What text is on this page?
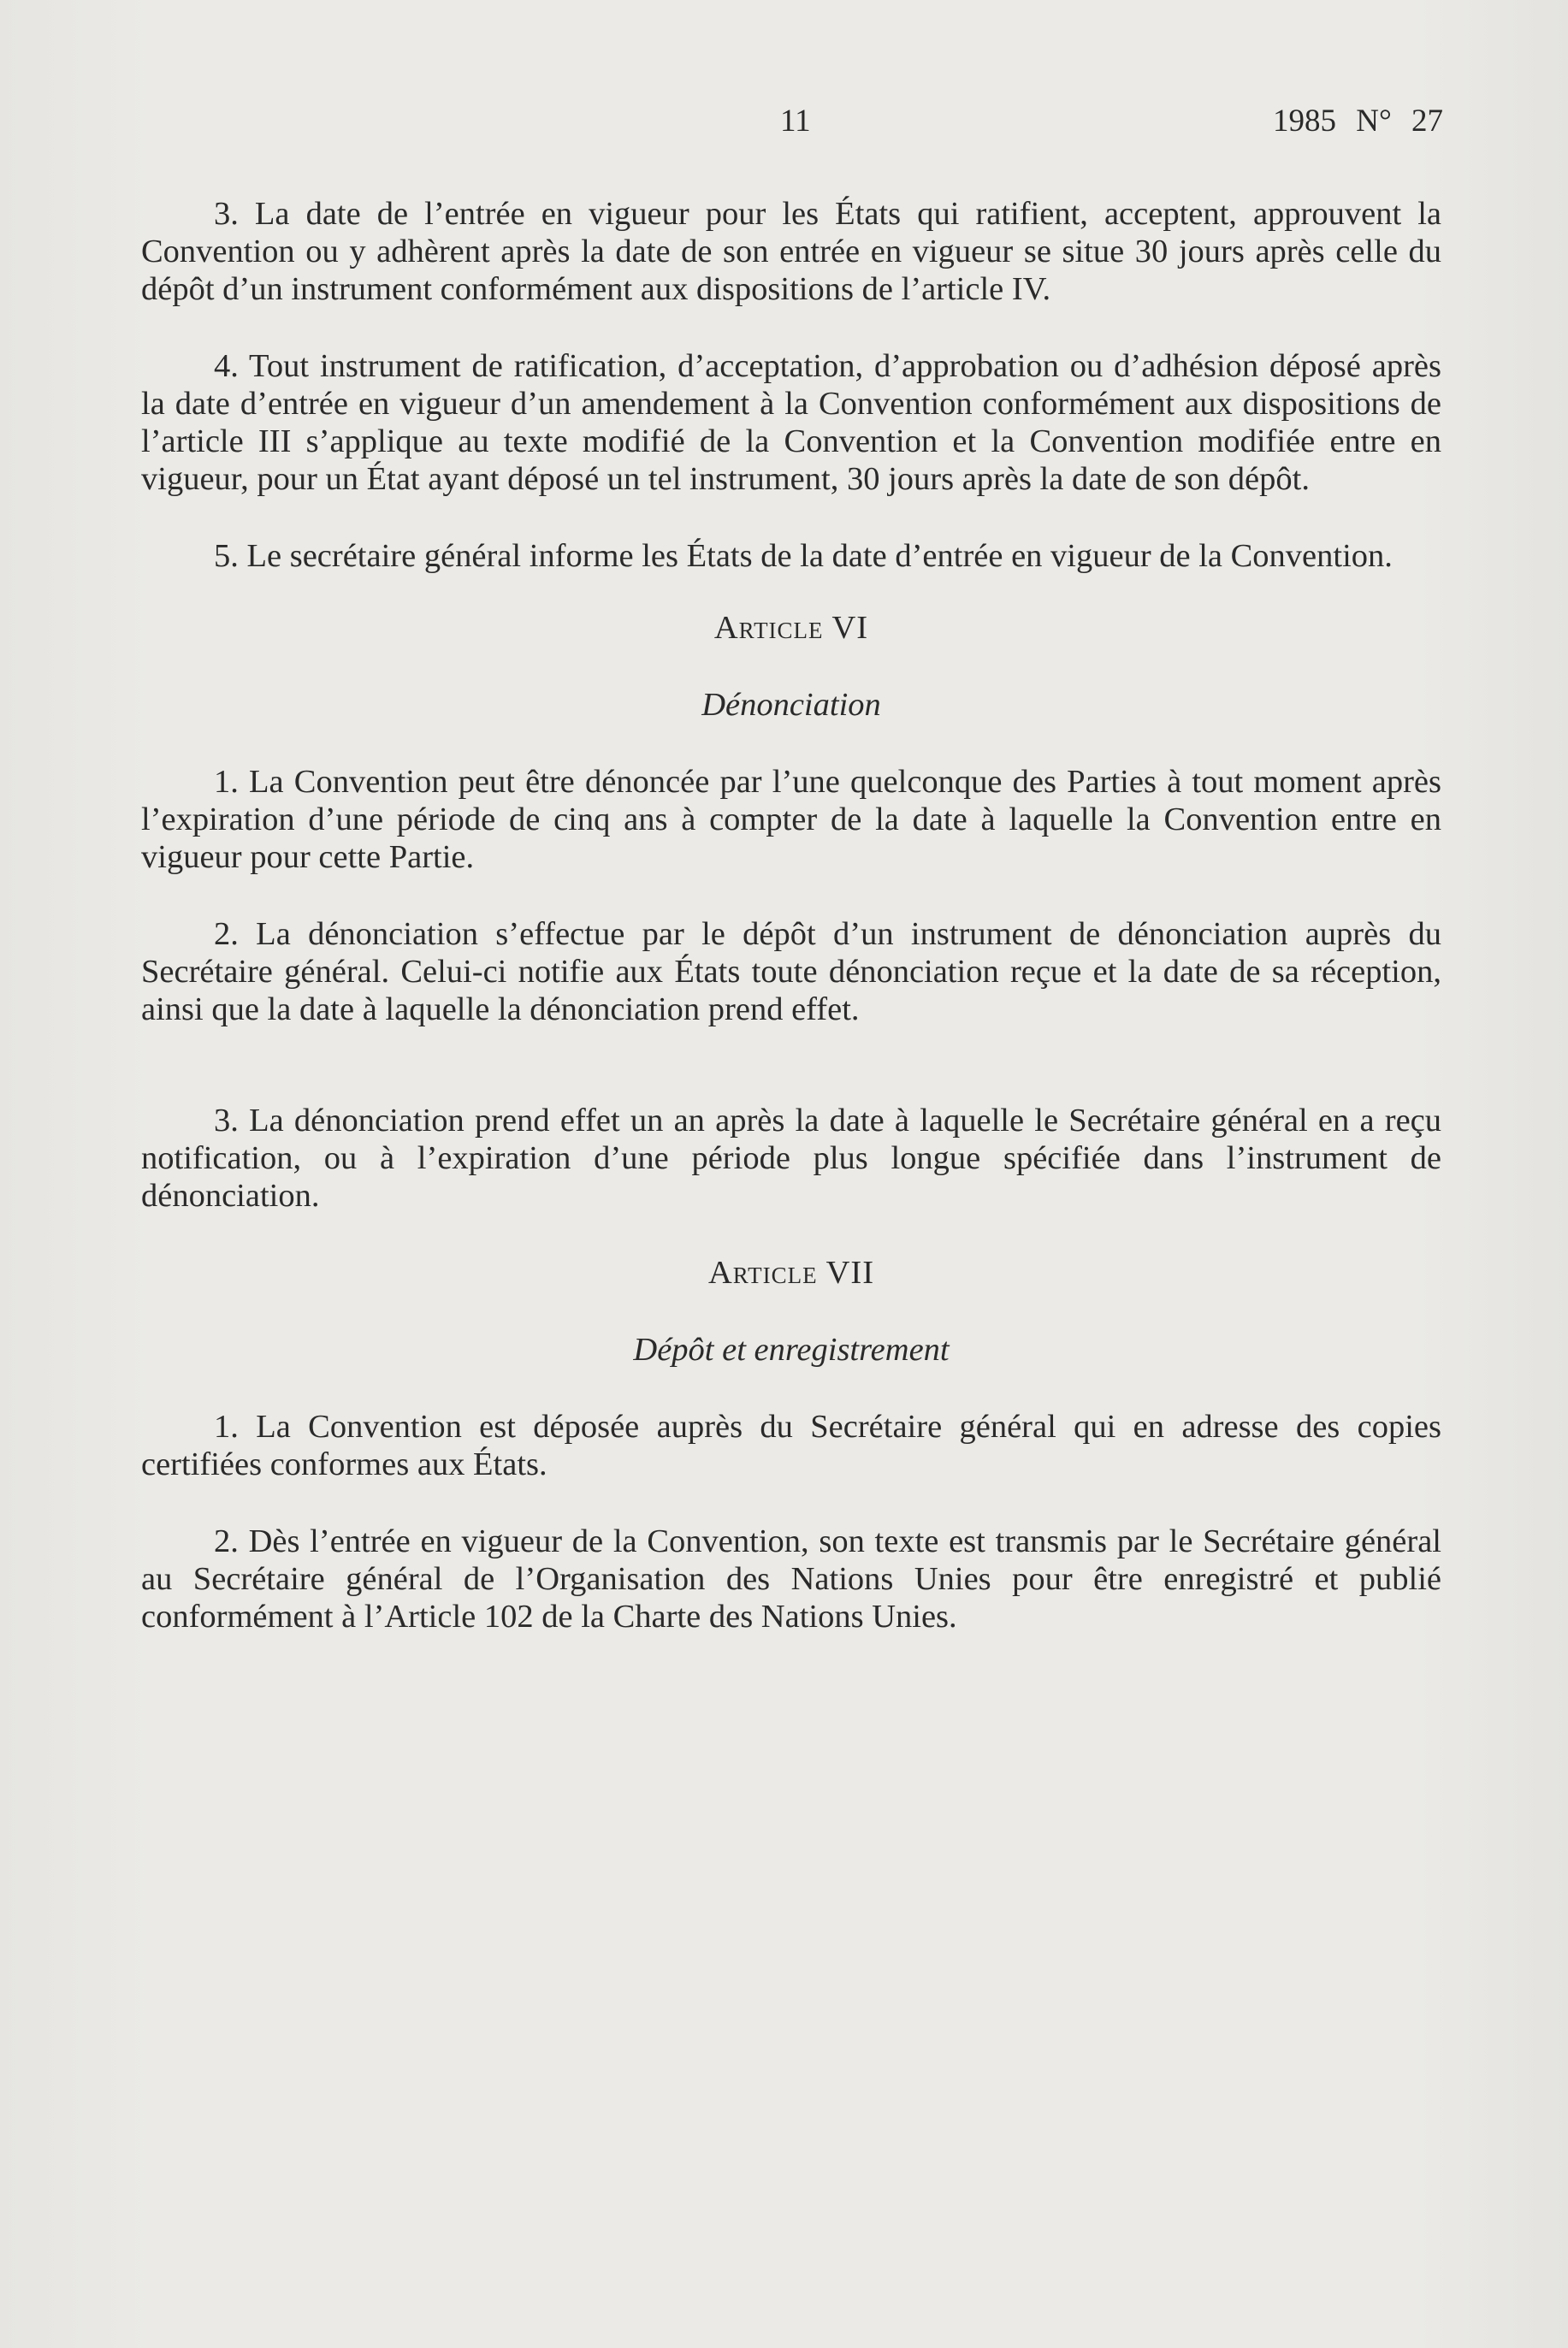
11	1985 N° 27

3. La date de l’entrée en vigueur pour les États qui ratifient, acceptent, approuvent la Convention ou y adhèrent après la date de son entrée en vigueur se situe 30 jours après celle du dépôt d’un instrument conformément aux dispositions de l’article IV.

4. Tout instrument de ratification, d’acceptation, d’approbation ou d’adhésion déposé après la date d’entrée en vigueur d’un amendement à la Convention conformément aux dispositions de l’article III s’applique au texte modifié de la Convention et la Convention modifiée entre en vigueur, pour un État ayant déposé un tel instrument, 30 jours après la date de son dépôt.

5. Le secrétaire général informe les États de la date d’entrée en vigueur de la Convention.

Article VI

Dénonciation

1. La Convention peut être dénoncée par l’une quelconque des Parties à tout moment après l’expiration d’une période de cinq ans à compter de la date à laquelle la Convention entre en vigueur pour cette Partie.

2. La dénonciation s’effectue par le dépôt d’un instrument de dénonciation auprès du Secrétaire général. Celui-ci notifie aux États toute dénonciation reçue et la date de sa réception, ainsi que la date à laquelle la dénonciation prend effet.

3. La dénonciation prend effet un an après la date à laquelle le Secrétaire général en a reçu notification, ou à l’expiration d’une période plus longue spécifiée dans l’instrument de dénonciation.

Article VII

Dépôt et enregistrement

1. La Convention est déposée auprès du Secrétaire général qui en adresse des copies certifiées conformes aux États.

2. Dès l’entrée en vigueur de la Convention, son texte est transmis par le Secrétaire général au Secrétaire général de l’Organisation des Nations Unies pour être enregistré et publié conformément à l’Article 102 de la Charte des Nations Unies.
